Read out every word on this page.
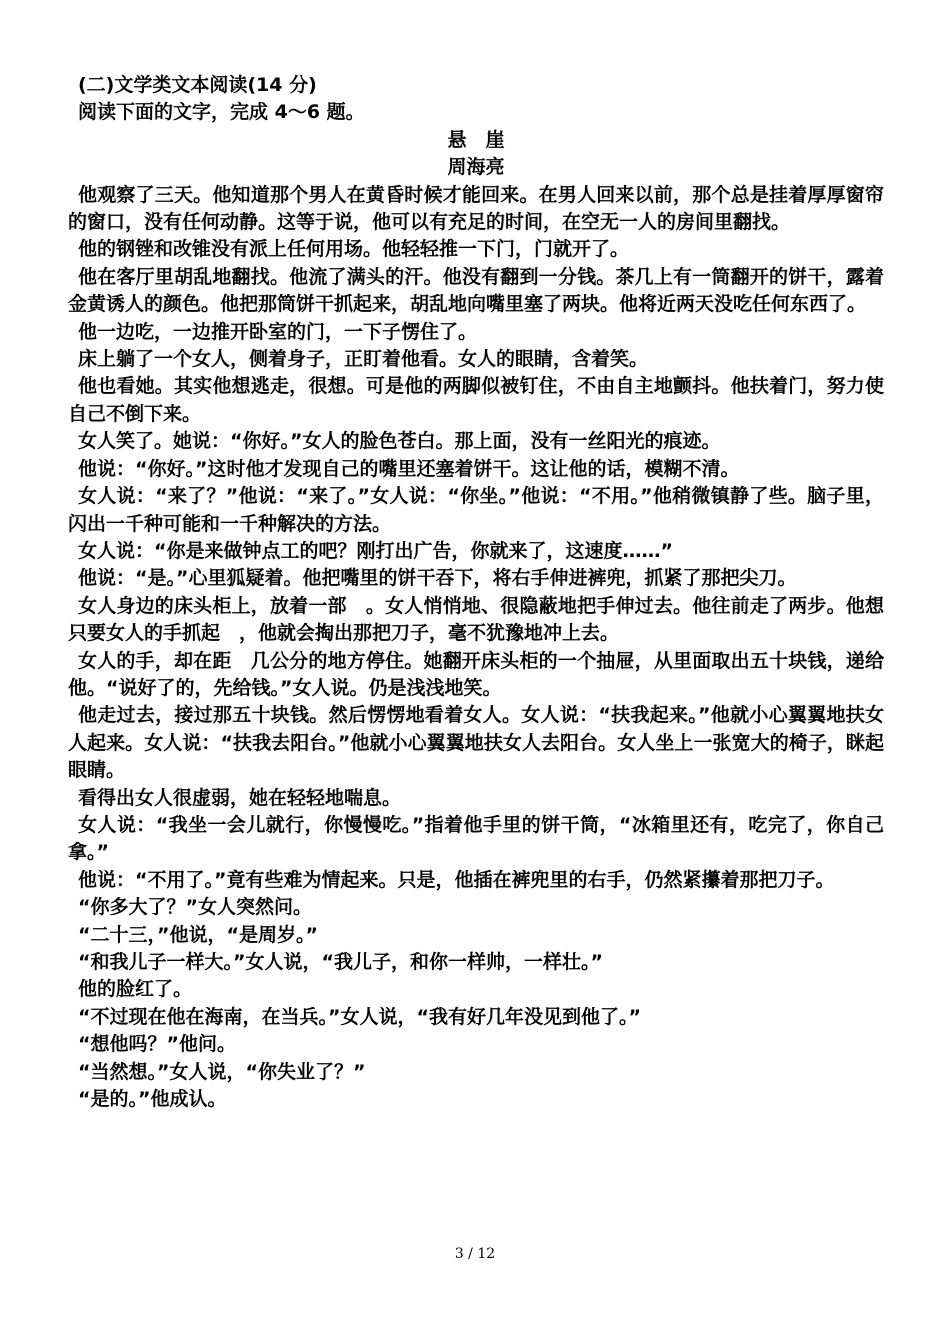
(二)文学类文本阅读(14 分)

阅读下面的文字，完成 4～6 题。

悬　崖

周海亮

他观察了三天。他知道那个男人在黄昏时候才能回来。在男人回来以前，那个总是挂着厚厚窗帘的窗口，没有任何动静。这等于说，他可以有充足的时间，在空无一人的房间里翻找。

他的钢锉和改锥没有派上任何用场。他轻轻推一下门，门就开了。

他在客厅里胡乱地翻找。他流了满头的汗。他没有翻到一分钱。茶几上有一筒翻开的饼干，露着金黄诱人的颜色。他把那筒饼干抓起来，胡乱地向嘴里塞了两块。他将近两天没吃任何东西了。

他一边吃，一边推开卧室的门，一下子愣住了。

床上躺了一个女人，侧着身子，正盯着他看。女人的眼睛，含着笑。

他也看她。其实他想逃走，很想。可是他的两脚似被钉住，不由自主地颤抖。他扶着门，努力使自己不倒下来。

女人笑了。她说：“你好。”女人的脸色苍白。那上面，没有一丝阳光的痕迹。

他说：“你好。”这时他才发现自己的嘴里还塞着饼干。这让他的话，模糊不清。

女人说：“来了？”他说：“来了。”女人说：“你坐。”他说：“不用。”他稍微镇静了些。脑子里，闪出一千种可能和一千种解决的方法。

女人说：“你是来做钟点工的吧？刚打出广告，你就来了，这速度……”

他说：“是。”心里狐疑着。他把嘴里的饼干吞下，将右手伸进裤兜，抓紧了那把尖刀。

女人身边的床头柜上，放着一部　。女人悄悄地、很隐蔽地把手伸过去。他往前走了两步。他想只要女人的手抓起　，他就会掏出那把刀子，毫不犹豫地冲上去。

女人的手，却在距　几公分的地方停住。她翻开床头柜的一个抽屉，从里面取出五十块钱，递给他。“说好了的，先给钱。”女人说。仍是浅浅地笑。

他走过去，接过那五十块钱。然后愣愣地看着女人。女人说：“扶我起来。”他就小心翼翼地扶女人起来。女人说：“扶我去阳台。”他就小心翼翼地扶女人去阳台。女人坐上一张宽大的椅子，眯起眼睛。

看得出女人很虚弱，她在轻轻地喘息。

女人说：“我坐一会儿就行，你慢慢吃。”指着他手里的饼干筒，“冰箱里还有，吃完了，你自己拿。”

他说：“不用了。”竟有些难为情起来。只是，他插在裤兜里的右手，仍然紧攥着那把刀子。

“你多大了？”女人突然问。

“二十三，”他说，“是周岁。”

“和我儿子一样大。”女人说，“我儿子，和你一样帅，一样壮。”

他的脸红了。

“不过现在他在海南，在当兵。”女人说，“我有好几年没见到他了。”

“想他吗？”他问。

“当然想。”女人说，“你失业了？”

“是的。”他成认。

3 / 12
